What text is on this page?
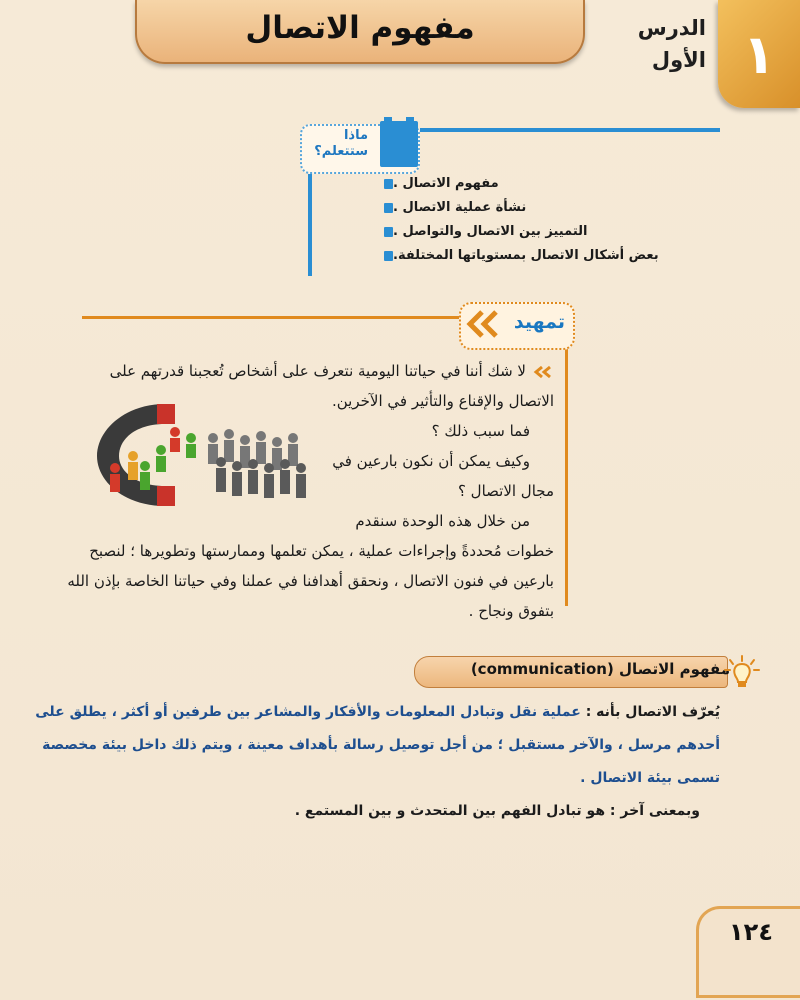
مفهوم الاتصال	الدرس
الأول ١
ماذا
ستتعلم؟
مفهوم الاتصال .
نشأة عملية الاتصال .
التمييز بين الاتصال والتواصل .
بعض أشكال الاتصال بمستوياتها المختلفة.
تمهيد
لا شك أننا في حياتنا اليومية نتعرف على أشخاص تُعجبنا قدرتهم على
الاتصال والإقناع والتأثير في الآخرين.
فما سبب ذلك ؟
وكيف يمكن أن نكون بارعين في
مجال الاتصال ؟
من خلال هذه الوحدة سنقدم
خطوات مُحددةً وإجراءات عملية ، يمكن تعلمها وممارستها وتطويرها ؛ لنصبح
بارعين في فنون الاتصال ، ونحقق أهدافنا في عملنا وفي حياتنا الخاصة بإذن الله
بتفوق ونجاح .
مفهوم الاتصال (communication)
يُعرّف الاتصال بأنه : عملية نقل وتبادل المعلومات والأفكار والمشاعر بين طرفين أو أكثر ، يطلق على
أحدهم مرسل ، والآخر مستقبل ؛ من أجل توصيل رسالة بأهداف معينة ، ويتم ذلك داخل بيئة مخصصة
تسمى بيئة الاتصال .
وبمعنى آخر : هو تبادل الفهم بين المتحدث و بين المستمع .
١٢٤
